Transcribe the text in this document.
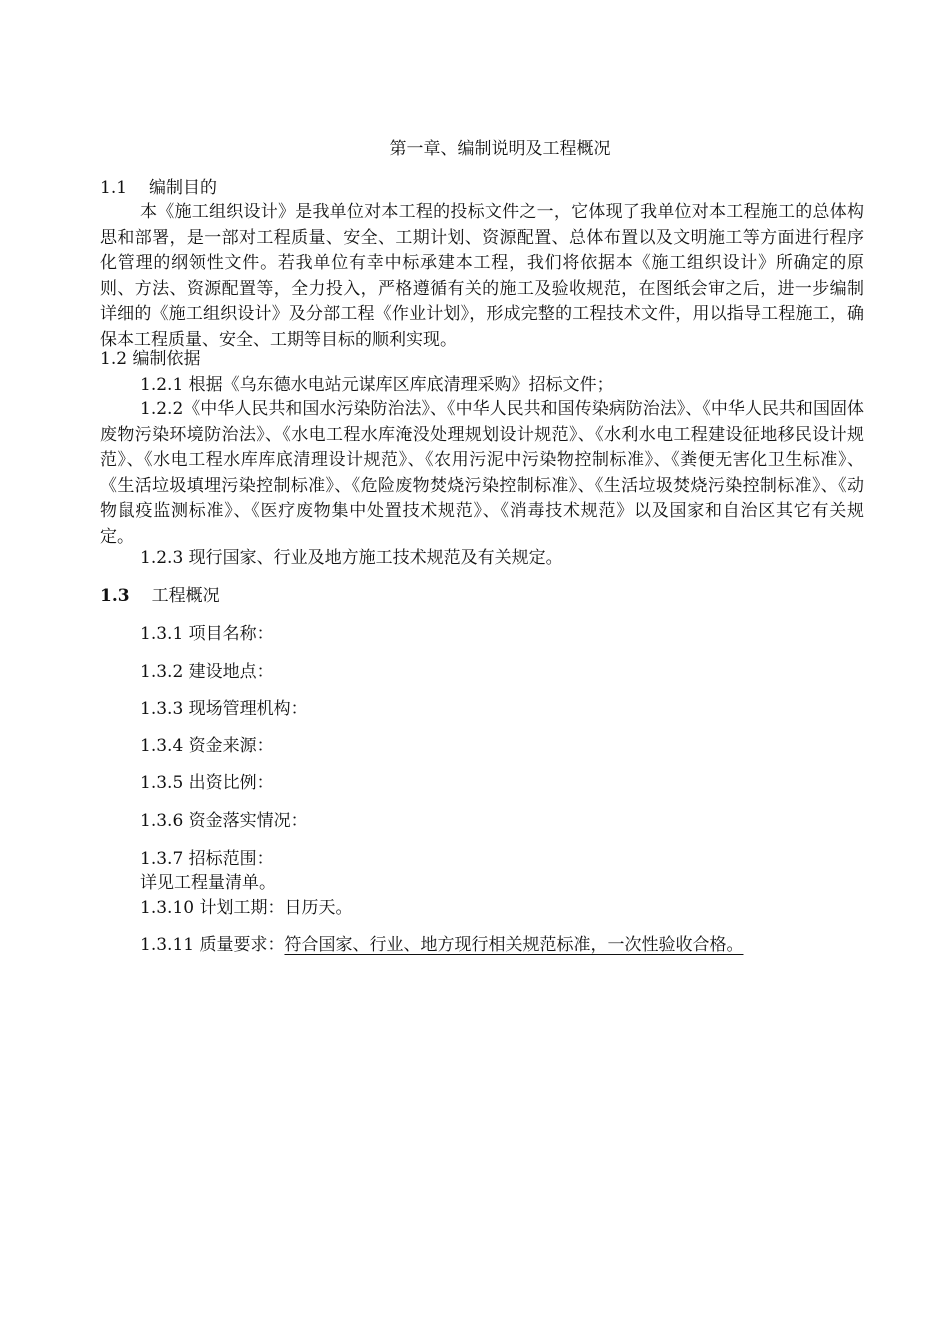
第一章、编制说明及工程概况
1.1 编制目的
本《施工组织设计》是我单位对本工程的投标文件之一，它体现了我单位对本工程施工的总体构思和部署，是一部对工程质量、安全、工期计划、资源配置、总体布置以及文明施工等方面进行程序化管理的纲领性文件。若我单位有幸中标承建本工程，我们将依据本《施工组织设计》所确定的原则、方法、资源配置等，全力投入，严格遵循有关的施工及验收规范，在图纸会审之后，进一步编制详细的《施工组织设计》及分部工程《作业计划》，形成完整的工程技术文件，用以指导工程施工，确保本工程质量、安全、工期等目标的顺利实现。
1.2 编制依据
1.2.1 根据《乌东德水电站元谋库区库底清理采购》招标文件；
1.2.2《中华人民共和国水污染防治法》、《中华人民共和国传染病防治法》、《中华人民共和国固体废物污染环境防治法》、《水电工程水库淹没处理规划设计规范》、《水利水电工程建设征地移民设计规范》、《水电工程水库库底清理设计规范》、《农用污泥中污染物控制标准》、《粪便无害化卫生标准》、《生活垃圾填埋污染控制标准》、《危险废物焚烧污染控制标准》、《生活垃圾焚烧污染控制标准》、《动物鼠疫监测标准》、《医疗废物集中处置技术规范》、《消毒技术规范》以及国家和自治区其它有关规定。
1.2.3 现行国家、行业及地方施工技术规范及有关规定。
1.3 工程概况
1.3.1 项目名称：
1.3.2 建设地点：
1.3.3 现场管理机构：
1.3.4 资金来源：
1.3.5 出资比例：
1.3.6 资金落实情况：
1.3.7 招标范围：
详见工程量清单。
1.3.10 计划工期：日历天。
1.3.11 质量要求：符合国家、行业、地方现行相关规范标准，一次性验收合格。
